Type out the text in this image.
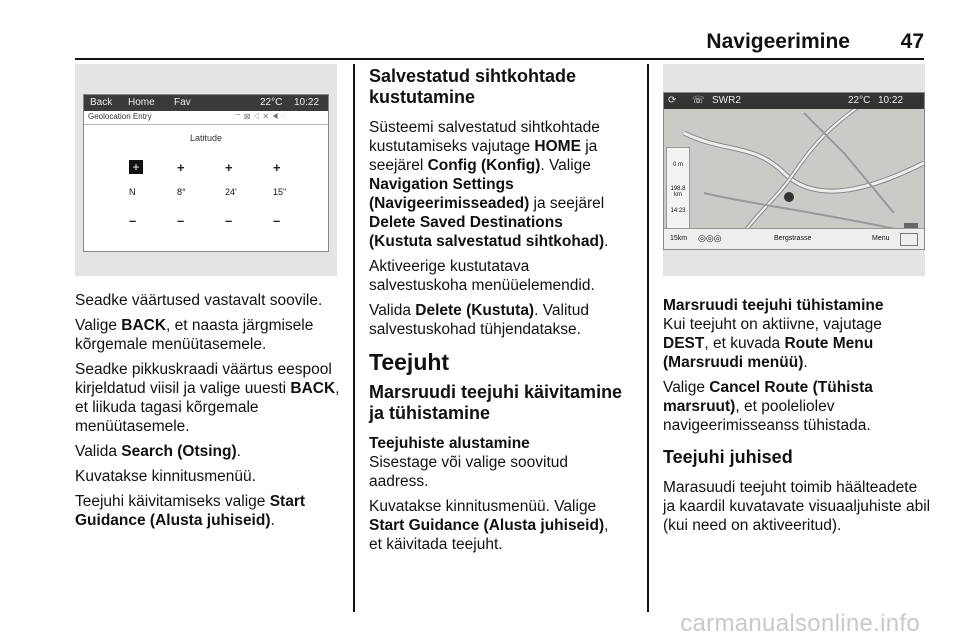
Navigeerimine 47
Back Home Fav	22°C 10:22
Geolocation Entry	⌔ ⊠ ◁ ✕ ◀ ◌
Latitude
+	+	+	+
N	8°	24'	15"
–	–	–	–

Seadke väärtused vastavalt soovile.

Valige BACK, et naasta järgmisele kõrgemale menüütasemele.

Seadke pikkuskraadi väärtus eespool kirjeldatud viisil ja valige uuesti BACK, et liikuda tagasi kõrgemale menüütasemele.

Valida Search (Otsing).

Kuvatakse kinnitusmenüü.

Teejuhi käivitamiseks valige Start Guidance (Alusta juhiseid).

Salvestatud sihtkohtade kustutamine

Süsteemi salvestatud sihtkohtade kustutamiseks vajutage HOME ja seejärel Config (Konfig). Valige Navigation Settings (Navigeerimisseaded) ja seejärel Delete Saved Destinations (Kustuta salvestatud sihtkohad).

Aktiveerige kustutatava salvestuskoha menüüelemendid.

Valida Delete (Kustuta). Valitud salvestuskohad tühjendatakse.

Teejuht
Marsruudi teejuhi käivitamine ja tühistamine
Teejuhiste alustamine

Sisestage või valige soovitud aadress.

Kuvatakse kinnitusmenüü. Valige Start Guidance (Alusta juhiseid), et käivitada teejuht.

⟳ ☏ SWR2	22°C 10:22
0 m
198.8 km
14:23
15km ◎◎◎	Bergstrasse	Menu
Marsruudi teejuhi tühistamine

Kui teejuht on aktiivne, vajutage DEST, et kuvada Route Menu (Marsruudi menüü).

Valige Cancel Route (Tühista marsruut), et pooleliolev navigeerimisseanss tühistada.

Teejuhi juhised

Marasuudi teejuht toimib häälteadete ja kaardil kuvatavate visuaaljuhiste abil (kui need on aktiveeritud).

carmanualsonline.info
